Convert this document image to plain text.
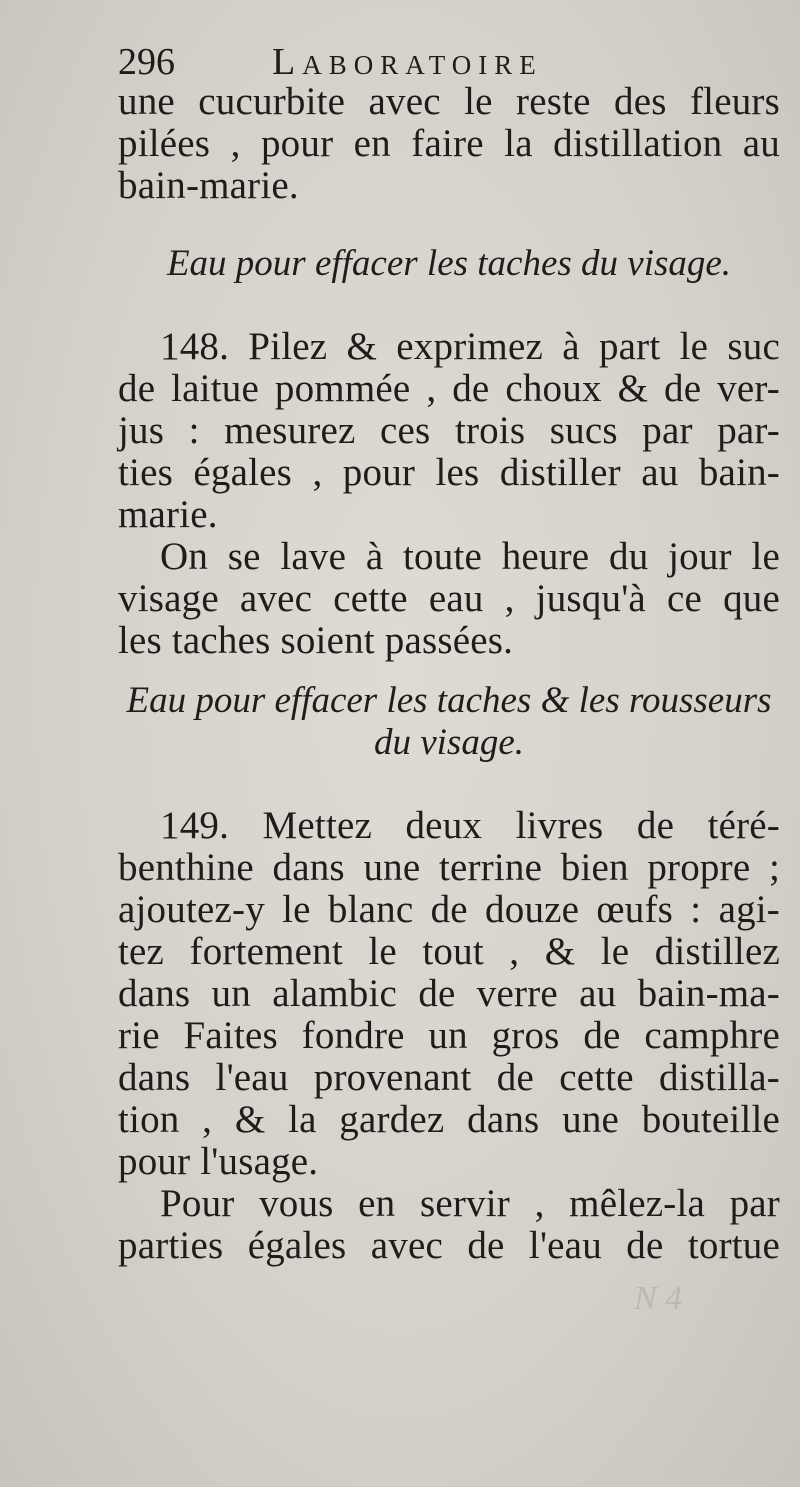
296	Laboratoire
une cucurbite avec le reste des fleurs
pilées , pour en faire la distillation au
bain-marie.
Eau pour effacer les taches du visage.
148. Pilez & exprimez à part le suc
de laitue pommée , de choux & de ver-
jus : mesurez ces trois sucs par par-
ties égales , pour les distiller au bain-
marie.
On se lave à toute heure du jour le
visage avec cette eau , jusqu'à ce que
les taches soient passées.
Eau pour effacer les taches & les rousseurs
du visage.
149. Mettez deux livres de téré-
benthine dans une terrine bien propre ;
ajoutez-y le blanc de douze œufs : agi-
tez fortement le tout , & le distillez
dans un alambic de verre au bain-ma-
rie Faites fondre un gros de camphre
dans l'eau provenant de cette distilla-
tion , & la gardez dans une bouteille
pour l'usage.
Pour vous en servir , mêlez-la par
parties égales avec de l'eau de tortue
N 4
